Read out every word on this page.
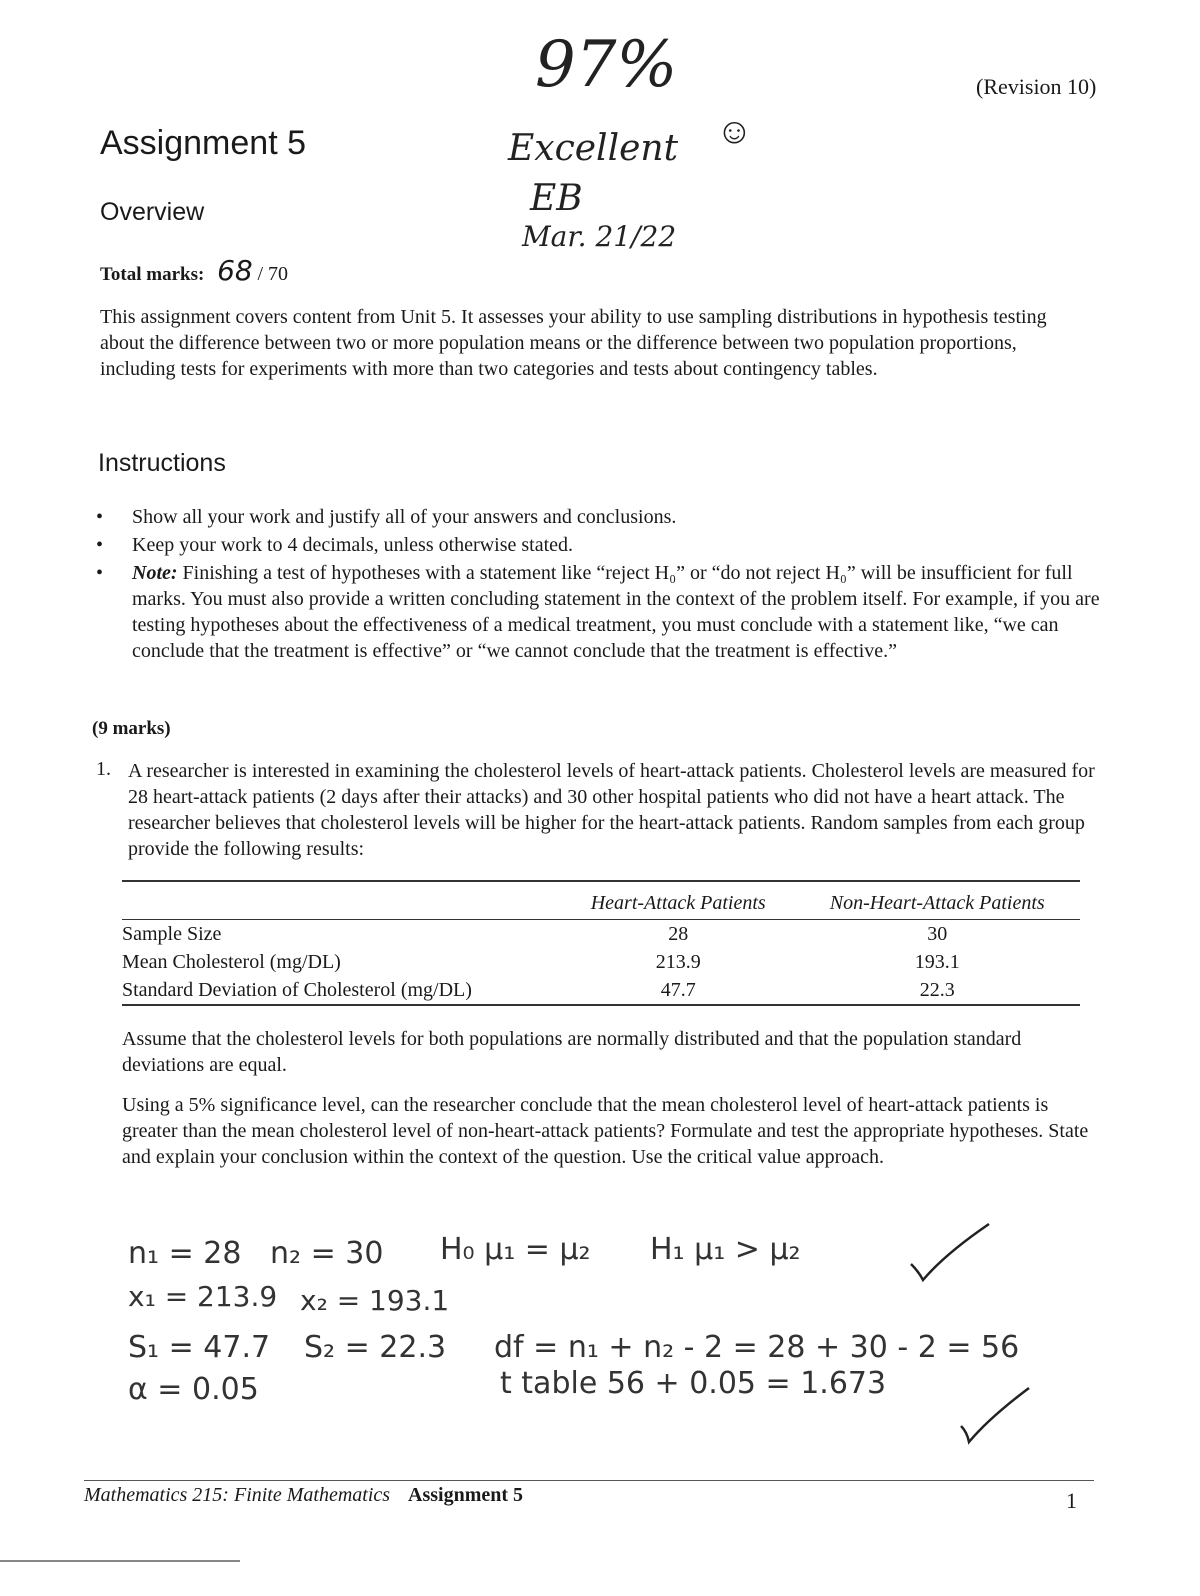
(Revision 10)
Assignment 5
Overview
Total marks: 68 / 70
97%
Excellent ☺
EB
Mar. 21/22
This assignment covers content from Unit 5. It assesses your ability to use sampling distributions in hypothesis testing about the difference between two or more population means or the difference between two population proportions, including tests for experiments with more than two categories and tests about contingency tables.
Instructions
• Show all your work and justify all of your answers and conclusions.
• Keep your work to 4 decimals, unless otherwise stated.
• Note: Finishing a test of hypotheses with a statement like “reject H₀” or “do not reject H₀” will be insufficient for full marks. You must also provide a written concluding statement in the context of the problem itself. For example, if you are testing hypotheses about the effectiveness of a medical treatment, you must conclude with a statement like, “we can conclude that the treatment is effective” or “we cannot conclude that the treatment is effective.”
(9 marks)
1. A researcher is interested in examining the cholesterol levels of heart-attack patients. Cholesterol levels are measured for 28 heart-attack patients (2 days after their attacks) and 30 other hospital patients who did not have a heart attack. The researcher believes that cholesterol levels will be higher for the heart-attack patients. Random samples from each group provide the following results:
	Heart-Attack Patients	Non-Heart-Attack Patients
Sample Size	28	30
Mean Cholesterol (mg/DL)	213.9	193.1
Standard Deviation of Cholesterol (mg/DL)	47.7	22.3
Assume that the cholesterol levels for both populations are normally distributed and that the population standard deviations are equal.
Using a 5% significance level, can the researcher conclude that the mean cholesterol level of heart-attack patients is greater than the mean cholesterol level of non-heart-attack patients? Formulate and test the appropriate hypotheses. State and explain your conclusion within the context of the question. Use the critical value approach.
n₁ = 28 n₂ = 30 H₀ μ₁ = μ₂ H₁ μ₁ > μ₂
x₁ = 213.9 x₂ = 193.1
S₁ = 47.7 S₂ = 22.3 df = n₁ + n₂ - 2 = 28 + 30 - 2 = 56
α = 0.05	t table 56 + 0.05 = 1.673
Mathematics 215: Finite Mathematics Assignment 5	1
